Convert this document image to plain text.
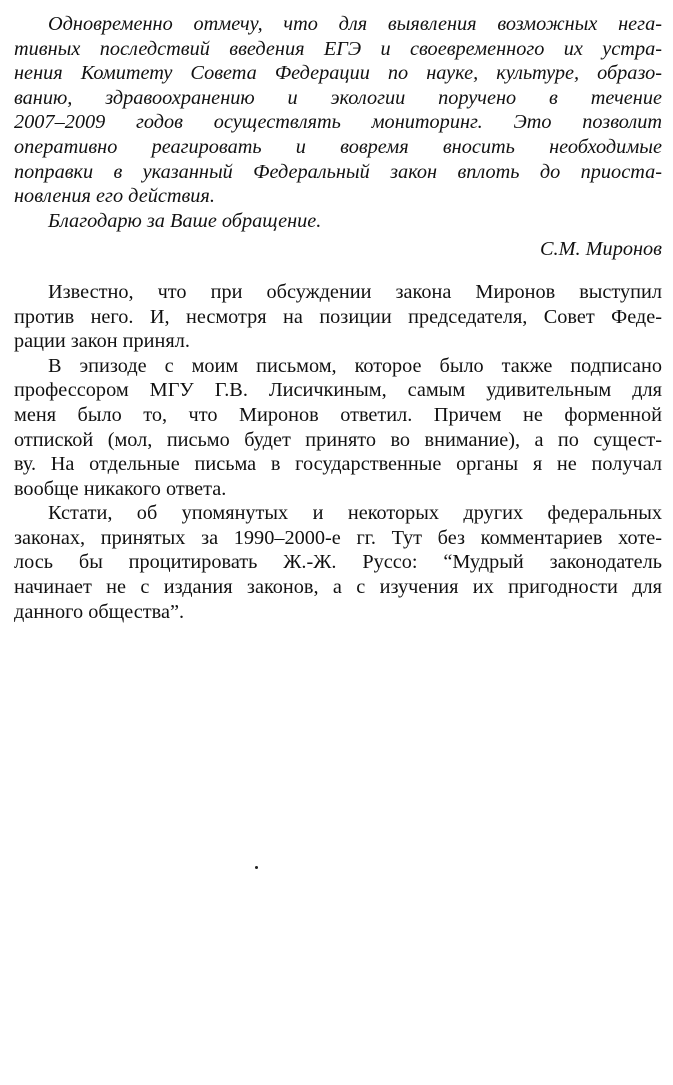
Одновременно отмечу, что для выявления возможных нега-

тивных последствий введения ЕГЭ и своевременного их устра-

нения Комитету Совета Федерации по науке, культуре, образо-

ванию, здравоохранению и экологии поручено в течение

2007–2009 годов осуществлять мониторинг. Это позволит

оперативно реагировать и вовремя вносить необходимые

поправки в указанный Федеральный закон вплоть до приоста-

новления его действия.

Благодарю за Ваше обращение.

С.М. Миронов

Известно, что при обсуждении закона Миронов выступил

против него. И, несмотря на позиции председателя, Совет Феде-

рации закон принял.

В эпизоде с моим письмом, которое было также подписано

профессором МГУ Г.В. Лисичкиным, самым удивительным для

меня было то, что Миронов ответил. Причем не форменной

отпиской (мол, письмо будет принято во внимание), а по сущест-

ву. На отдельные письма в государственные органы я не получал

вообще никакого ответа.

Кстати, об упомянутых и некоторых других федеральных

законах, принятых за 1990–2000-е гг. Тут без комментариев хоте-

лось бы процитировать Ж.-Ж. Руссо: “Мудрый законодатель

начинает не с издания законов, а с изучения их пригодности для

данного общества”.
